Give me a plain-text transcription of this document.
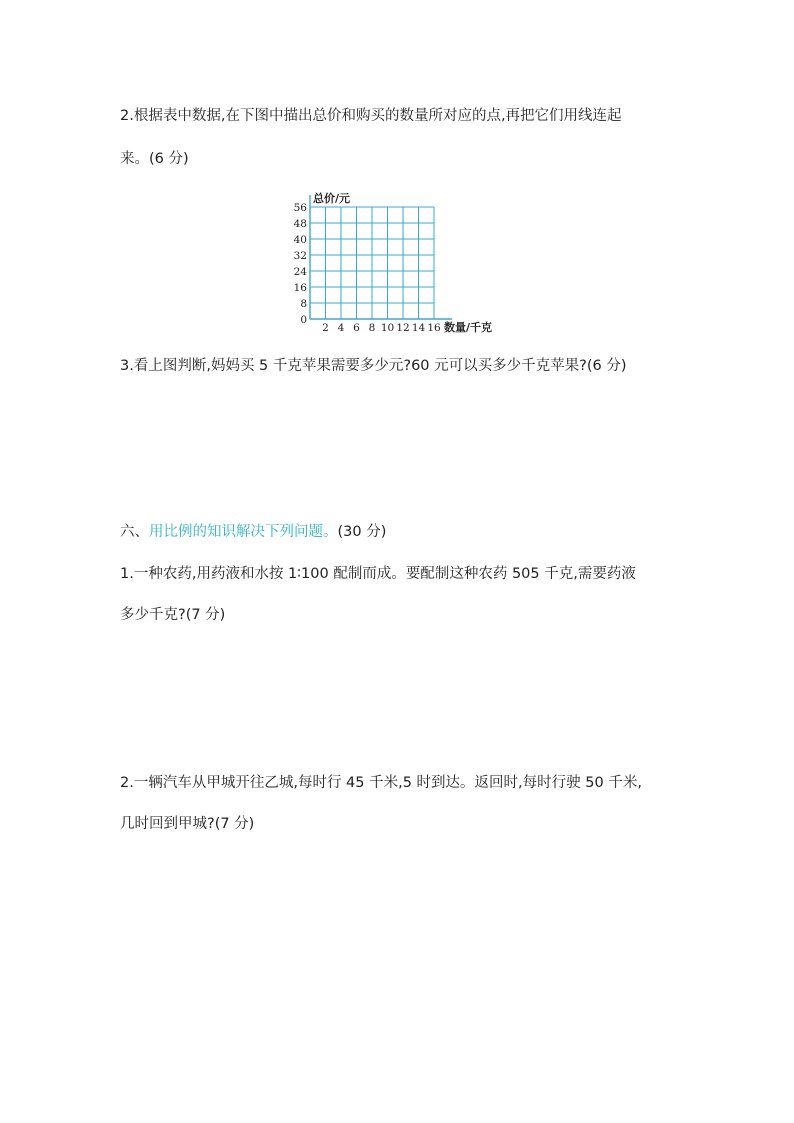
2.根据表中数据,在下图中描出总价和购买的数量所对应的点,再把它们用线连起
来。(6 分)
8
16
24
32
40
48
56
2 4 6 8 10 12 14 16
0
总价/元
数量/千克
3.看上图判断,妈妈买 5 千克苹果需要多少元?60 元可以买多少千克苹果?(6 分)
六、用比例的知识解决下列问题。(30 分)
1.一种农药,用药液和水按 1∶100 配制而成。要配制这种农药 505 千克,需要药液
多少千克?(7 分)
2.一辆汽车从甲城开往乙城,每时行 45 千米,5 时到达。返回时,每时行驶 50 千米,
几时回到甲城?(7 分)
